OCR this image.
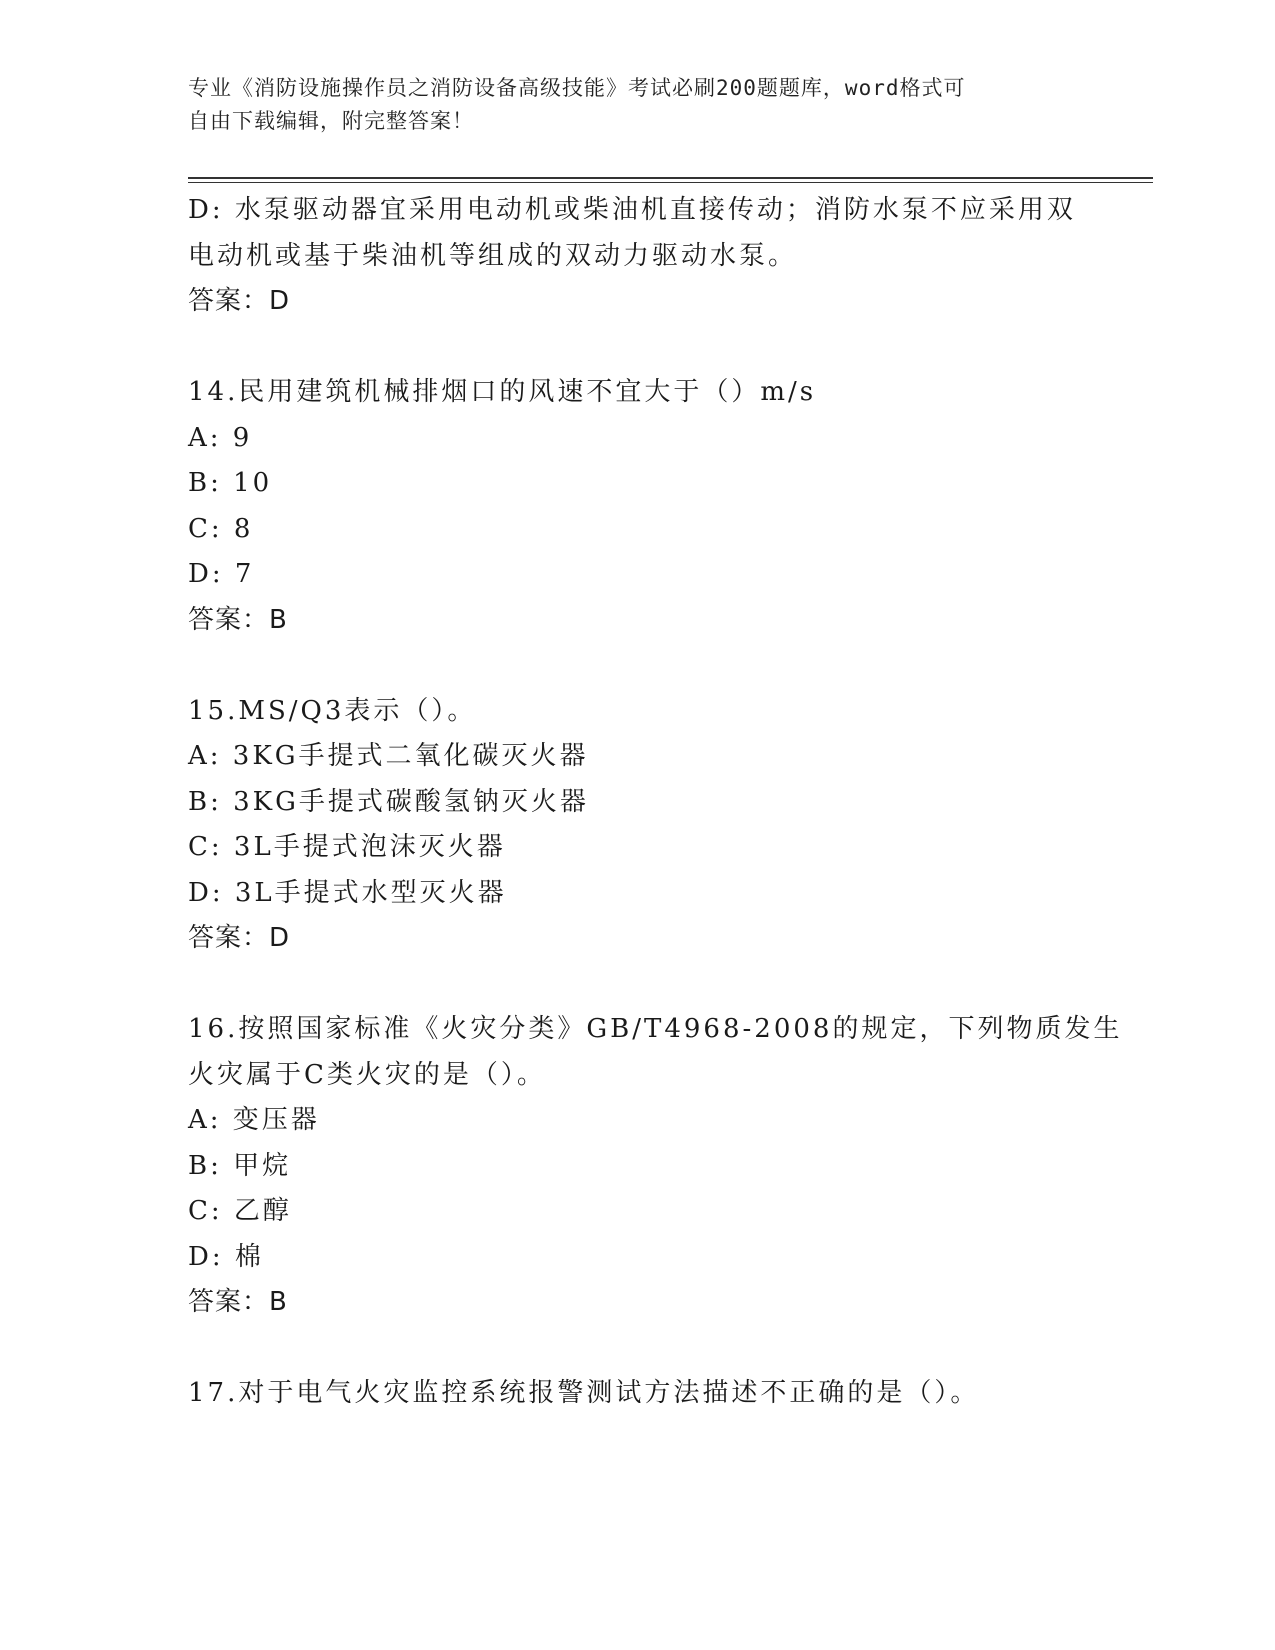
专业《消防设施操作员之消防设备高级技能》考试必刷200题题库，word格式可
自由下载编辑，附完整答案！
D: 水泵驱动器宜采用电动机或柴油机直接传动；消防水泵不应采用双
电动机或基于柴油机等组成的双动力驱动水泵。
答案：D
14.民用建筑机械排烟口的风速不宜大于（）m/s
A: 9
B: 10
C: 8
D: 7
答案：B
15.MS/Q3表示（）。
A: 3KG手提式二氧化碳灭火器
B: 3KG手提式碳酸氢钠灭火器
C: 3L手提式泡沫灭火器
D: 3L手提式水型灭火器
答案：D
16.按照国家标准《火灾分类》GB/T4968-2008的规定，下列物质发生
火灾属于C类火灾的是（）。
A: 变压器
B: 甲烷
C: 乙醇
D: 棉
答案：B
17.对于电气火灾监控系统报警测试方法描述不正确的是（）。
